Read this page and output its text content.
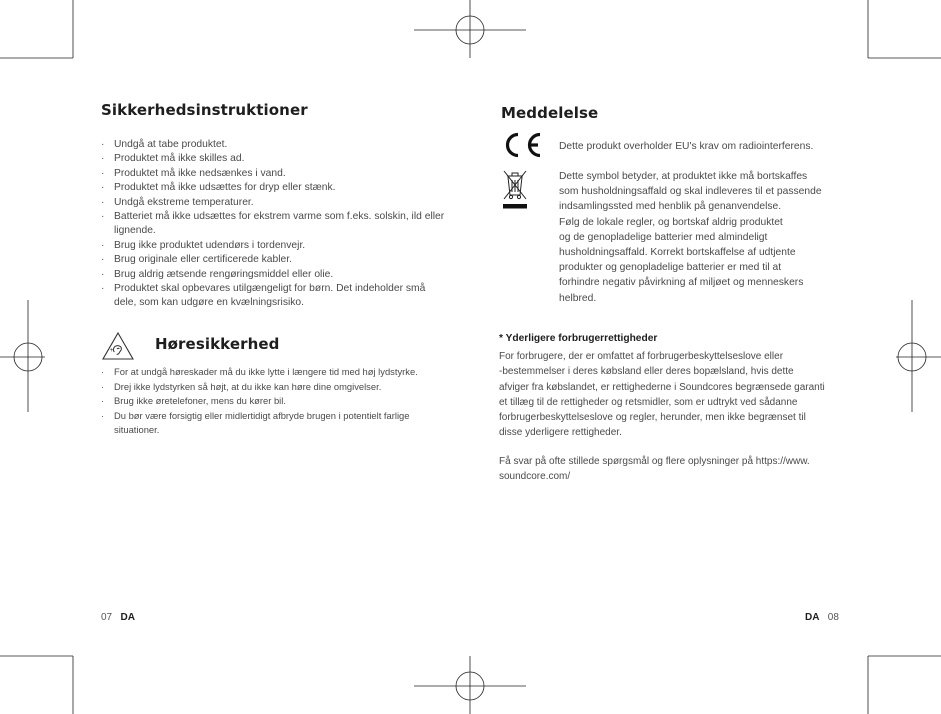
Sikkerhedsinstruktioner
· Undgå at tabe produktet.
· Produktet må ikke skilles ad.
· Produktet må ikke nedsænkes i vand.
· Produktet må ikke udsættes for dryp eller stænk.
· Undgå ekstreme temperaturer.
· Batteriet må ikke udsættes for ekstrem varme som f.eks. solskin, ild eller lignende.
· Brug ikke produktet udendørs i tordenvejr.
· Brug originale eller certificerede kabler.
· Brug aldrig ætsende rengøringsmiddel eller olie.
· Produktet skal opbevares utilgængeligt for børn. Det indeholder små dele, som kan udgøre en kvælningsrisiko.
+	Høresikkerhed
· For at undgå høreskader må du ikke lytte i længere tid med høj lydstyrke.
· Drej ikke lydstyrken så højt, at du ikke kan høre dine omgivelser.
· Brug ikke øretelefoner, mens du kører bil.
· Du bør være forsigtig eller midlertidigt afbryde brugen i potentielt farlige situationer.
07 DA
Meddelelse

Dette produkt overholder EU's krav om radiointerferens.

Dette symbol betyder, at produktet ikke må bortskaffes
som husholdningsaffald og skal indleveres til et passende
indsamlingssted med henblik på genanvendelse.
Følg de lokale regler, og bortskaf aldrig produktet
og de genopladelige batterier med almindeligt
husholdningsaffald. Korrekt bortskaffelse af udtjente
produkter og genopladelige batterier er med til at
forhindre negativ påvirkning af miljøet og menneskers
helbred.

* Yderligere forbrugerrettigheder

For forbrugere, der er omfattet af forbrugerbeskyttelseslove eller
-bestemmelser i deres købsland eller deres bopælsland, hvis dette
afviger fra købslandet, er rettighederne i Soundcores begrænsede garanti
et tillæg til de rettigheder og retsmidler, som er udtrykt ved sådanne
forbrugerbeskyttelseslove og regler, herunder, men ikke begrænset til
disse yderligere rettigheder.

Få svar på ofte stillede spørgsmål og flere oplysninger på https://www.
soundcore.com/

DA 08
